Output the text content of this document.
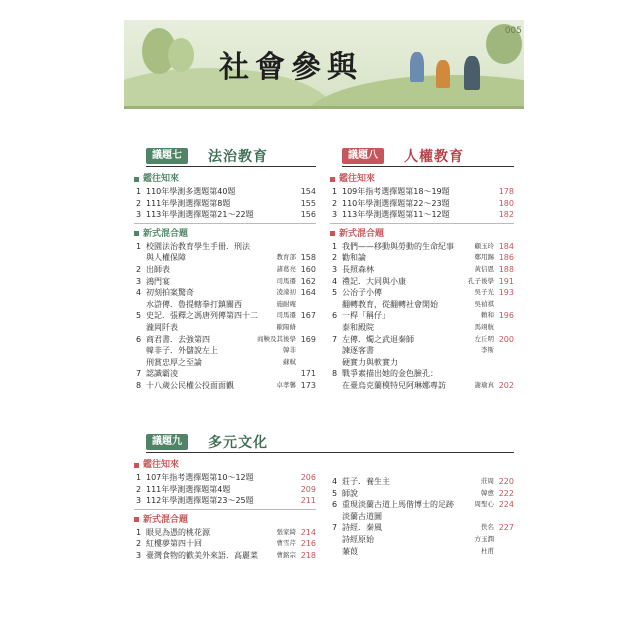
社會參與
005
議題七	法治教育
鑑往知來
1 110年學測多選題第40題	154
2 111年學測選擇題第8題	155
3 113年學測選擇題第21～22題	156
新式混合題
1 校園法治教育學生手冊．刑法
與人權保障	教育部 158
2 出師表	諸葛亮 160
3 鴻門宴	司馬遷 162
4 初刻拍案驚奇	凌濛初 164
水滸傳．魯提轄拳打鎮關西	施耐庵
5 史記．張釋之馮唐列傳第四十二	司馬遷 167
瀧岡阡表	歐陽脩
6 商君書．去強第四	商鞅及其後學 169
韓非子．外儲說左上	韓非
刑賞忠厚之至論	蘇軾
7 認識霸凌	171
8 十八歲公民權公投面面觀	卓孝馨 173
議題八	人權教育
鑑往知來
1 109年指考選擇題第18～19題	178
2 110年學測選擇題第22～23題	180
3 113年學測選擇題第11～12題	182
新式混合題
1 我們——移動與勞動的生命紀事	顧玉玲 184
2 勸和論	鄭用錫 186
3 長照森林	黃信恩 188
4 禮記．大同與小康	孔子後學 191
5 公冶子小傳	吳子光 193
翻轉教育，從翻轉社會開始	吳禎祺
6 一桿「稱仔」	賴和 196
泰和殿院	馬翊航
7 左傳．燭之武退秦師	左丘明 200
諫逐客書	李斯
硬實力與軟實力
8 戰爭素描出她的金色臉孔：
在臺烏克蘭模特兒阿琳娜專訪	謝瑜真 202
議題九	多元文化
鑑往知來
1 107年指考選擇題第10～12題	206
2 111年學測選擇題第4題	209
3 112年學測選擇題第23～25題	211
新式混合題
1 眼見為憑的桃花源	張家綺 214
2 紅樓夢第四十回	曹雪芹 216
3 臺灣食物的歡美外來語．高麗菜	曹銘宗 218
4 莊子．養生主	莊周 220
5 師說	韓愈 222
6 重現淡蘭古道上馬偕博士的足跡	周聖心 224
淡蘭古道圖
7 詩經．秦風	佚名 227
詩經原始	方玉潤
蒹葭	杜甫
